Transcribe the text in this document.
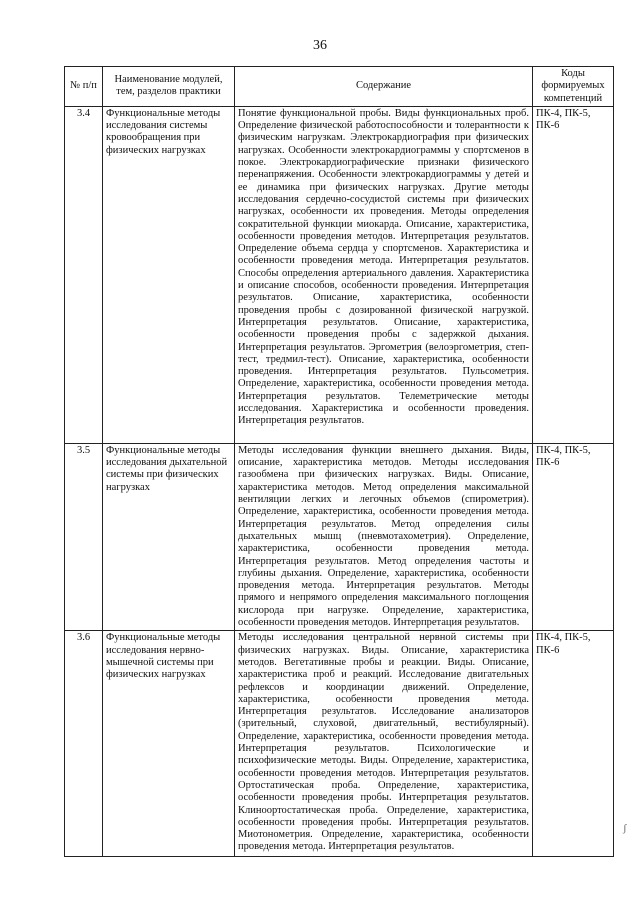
36
№ п/п	Наименование модулей, тем, разделов практики	Содержание	Коды формируемых компетенций
3.4	Функциональные методы исследования системы кровообращения при физических нагрузках	Понятие функциональной пробы. Виды функциональных проб. Определение физической работоспособности и толерантности к физическим нагрузкам. Электрокардиография при физических нагрузках. Особенности электрокардиограммы у спортсменов в покое. Электрокардиографические признаки физического перенапряжения. Особенности электрокардиограммы у детей и ее динамика при физических нагрузках. Другие методы исследования сердечно-сосудистой системы при физических нагрузках, особенности их проведения. Методы определения сократительной функции миокарда. Описание, характеристика, особенности проведения методов. Интерпретация результатов. Определение объема сердца у спортсменов. Характеристика и особенности проведения метода. Интерпретация результатов. Способы определения артериального давления. Характеристика и описание способов, особенности проведения. Интерпретация результатов. Описание, характеристика, особенности проведения пробы с дозированной физической нагрузкой. Интерпретация результатов. Описание, характеристика, особенности проведения пробы с задержкой дыхания. Интерпретация результатов. Эргометрия (велоэргометрия, степ-тест, тредмил-тест). Описание, характеристика, особенности проведения. Интерпретация результатов. Пульсометрия. Определение, характеристика, особенности проведения метода. Интерпретация результатов. Телеметрические методы исследования. Характеристика и особенности проведения. Интерпретация результатов.	ПК-4, ПК-5, ПК-6
3.5	Функциональные методы исследования дыхательной системы при физических нагрузках	Методы исследования функции внешнего дыхания. Виды, описание, характеристика методов. Методы исследования газообмена при физических нагрузках. Виды. Описание, характеристика методов. Метод определения максимальной вентиляции легких и легочных объемов (спирометрия). Определение, характеристика, особенности проведения метода. Интерпретация результатов. Метод определения силы дыхательных мышц (пневмотахометрия). Определение, характеристика, особенности проведения метода. Интерпретация результатов. Метод определения частоты и глубины дыхания. Определение, характеристика, особенности проведения метода. Интерпретация результатов. Методы прямого и непрямого определения максимального поглощения кислорода при нагрузке. Определение, характеристика, особенности проведения методов. Интерпретация результатов.	ПК-4, ПК-5, ПК-6
3.6	Функциональные методы исследования нервно-мышечной системы при физических нагрузках	Методы исследования центральной нервной системы при физических нагрузках. Виды. Описание, характеристика методов. Вегетативные пробы и реакции. Виды. Описание, характеристика проб и реакций. Исследование двигательных рефлексов и координации движений. Определение, характеристика, особенности проведения метода. Интерпретация результатов. Исследование анализаторов (зрительный, слуховой, двигательный, вестибулярный). Определение, характеристика, особенности проведения метода. Интерпретация результатов. Психологические и психофизические методы. Виды. Определение, характеристика, особенности проведения методов. Интерпретация результатов. Ортостатическая проба. Определение, характеристика, особенности проведения пробы. Интерпретация результатов. Клиноортостатическая проба. Определение, характеристика, особенности проведения пробы. Интерпретация результатов. Миотонометрия. Определение, характеристика, особенности проведения метода. Интерпретация результатов.	ПК-4, ПК-5, ПК-6
ʃ
